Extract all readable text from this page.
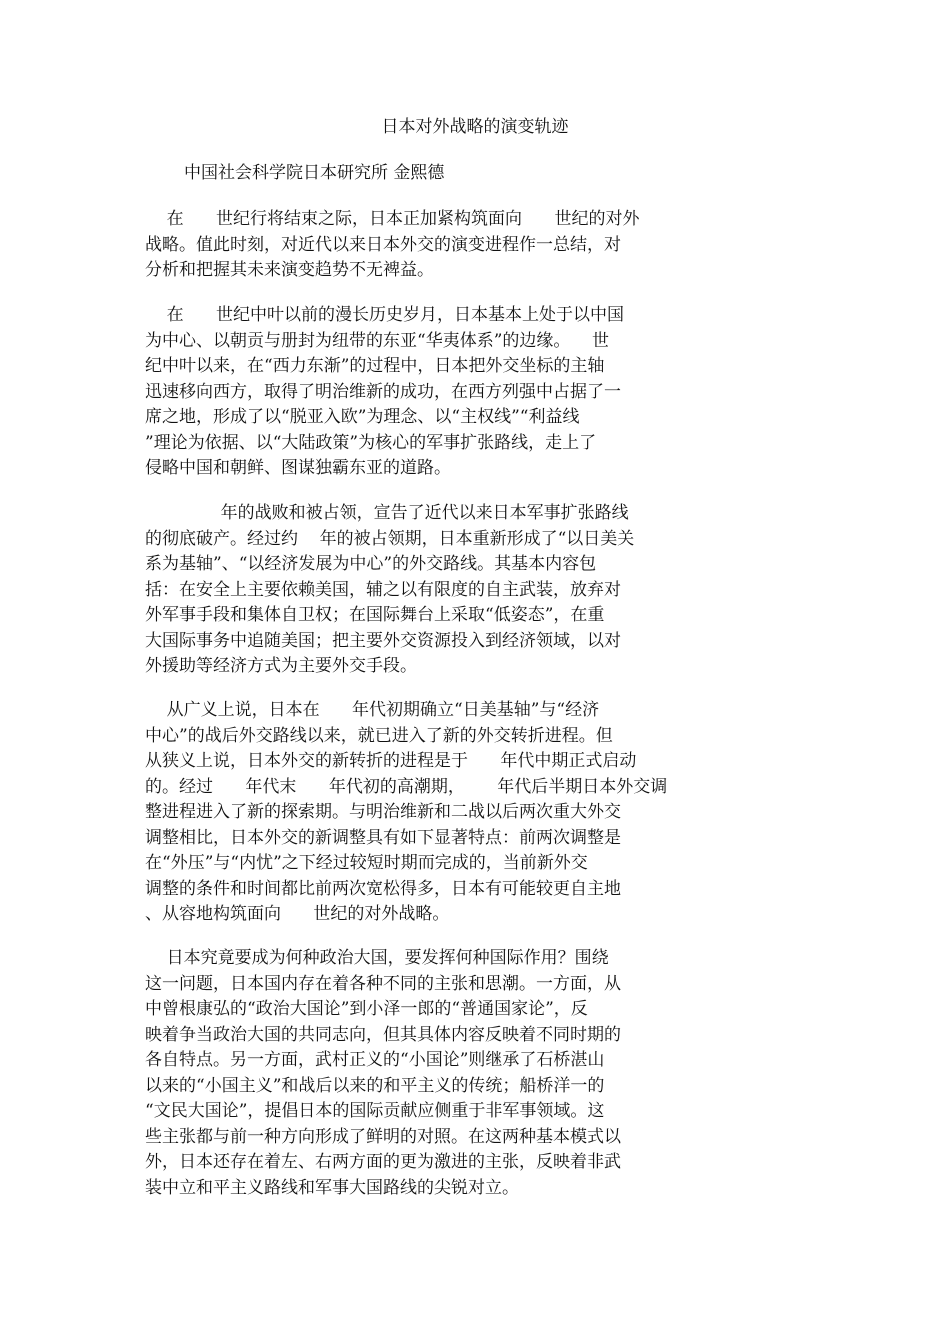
日本对外战略的演变轨迹

中国社会科学院日本研究所 金熙德

在      世纪行将结束之际，日本正加紧构筑面向      世纪的对外
战略。值此时刻，对近代以来日本外交的演变进程作一总结，对
分析和把握其未来演变趋势不无裨益。
在      世纪中叶以前的漫长历史岁月，日本基本上处于以中国
为中心、以朝贡与册封为纽带的东亚“华夷体系”的边缘。    世
纪中叶以来，在“西力东渐”的过程中，日本把外交坐标的主轴
迅速移向西方，取得了明治维新的成功，在西方列强中占据了一
席之地，形成了以“脱亚入欧”为理念、以“主权线”“利益线
”理论为依据、以“大陆政策”为核心的军事扩张路线，走上了
侵略中国和朝鲜、图谋独霸东亚的道路。
年的战败和被占领，宣告了近代以来日本军事扩张路线
的彻底破产。经过约    年的被占领期，日本重新形成了“以日美关
系为基轴”、“以经济发展为中心”的外交路线。其基本内容包
括：在安全上主要依赖美国，辅之以有限度的自主武装，放弃对
外军事手段和集体自卫权；在国际舞台上采取“低姿态”，在重
大国际事务中追随美国；把主要外交资源投入到经济领域，以对
外援助等经济方式为主要外交手段。
从广义上说，日本在      年代初期确立“日美基轴”与“经济
中心”的战后外交路线以来，就已进入了新的外交转折进程。但
从狭义上说，日本外交的新转折的进程是于      年代中期正式启动
的。经过      年代末      年代初的高潮期，      年代后半期日本外交调
整进程进入了新的探索期。与明治维新和二战以后两次重大外交
调整相比，日本外交的新调整具有如下显著特点：前两次调整是
在“外压”与“内忧”之下经过较短时期而完成的，当前新外交
调整的条件和时间都比前两次宽松得多，日本有可能较更自主地
、从容地构筑面向      世纪的对外战略。
日本究竟要成为何种政治大国，要发挥何种国际作用？围绕
这一问题，日本国内存在着各种不同的主张和思潮。一方面，从
中曾根康弘的“政治大国论”到小泽一郎的“普通国家论”，反
映着争当政治大国的共同志向，但其具体内容反映着不同时期的
各自特点。另一方面，武村正义的“小国论”则继承了石桥湛山
以来的“小国主义”和战后以来的和平主义的传统；船桥洋一的
“文民大国论”，提倡日本的国际贡献应侧重于非军事领域。这
些主张都与前一种方向形成了鲜明的对照。在这两种基本模式以
外，日本还存在着左、右两方面的更为激进的主张，反映着非武
装中立和平主义路线和军事大国路线的尖锐对立。
